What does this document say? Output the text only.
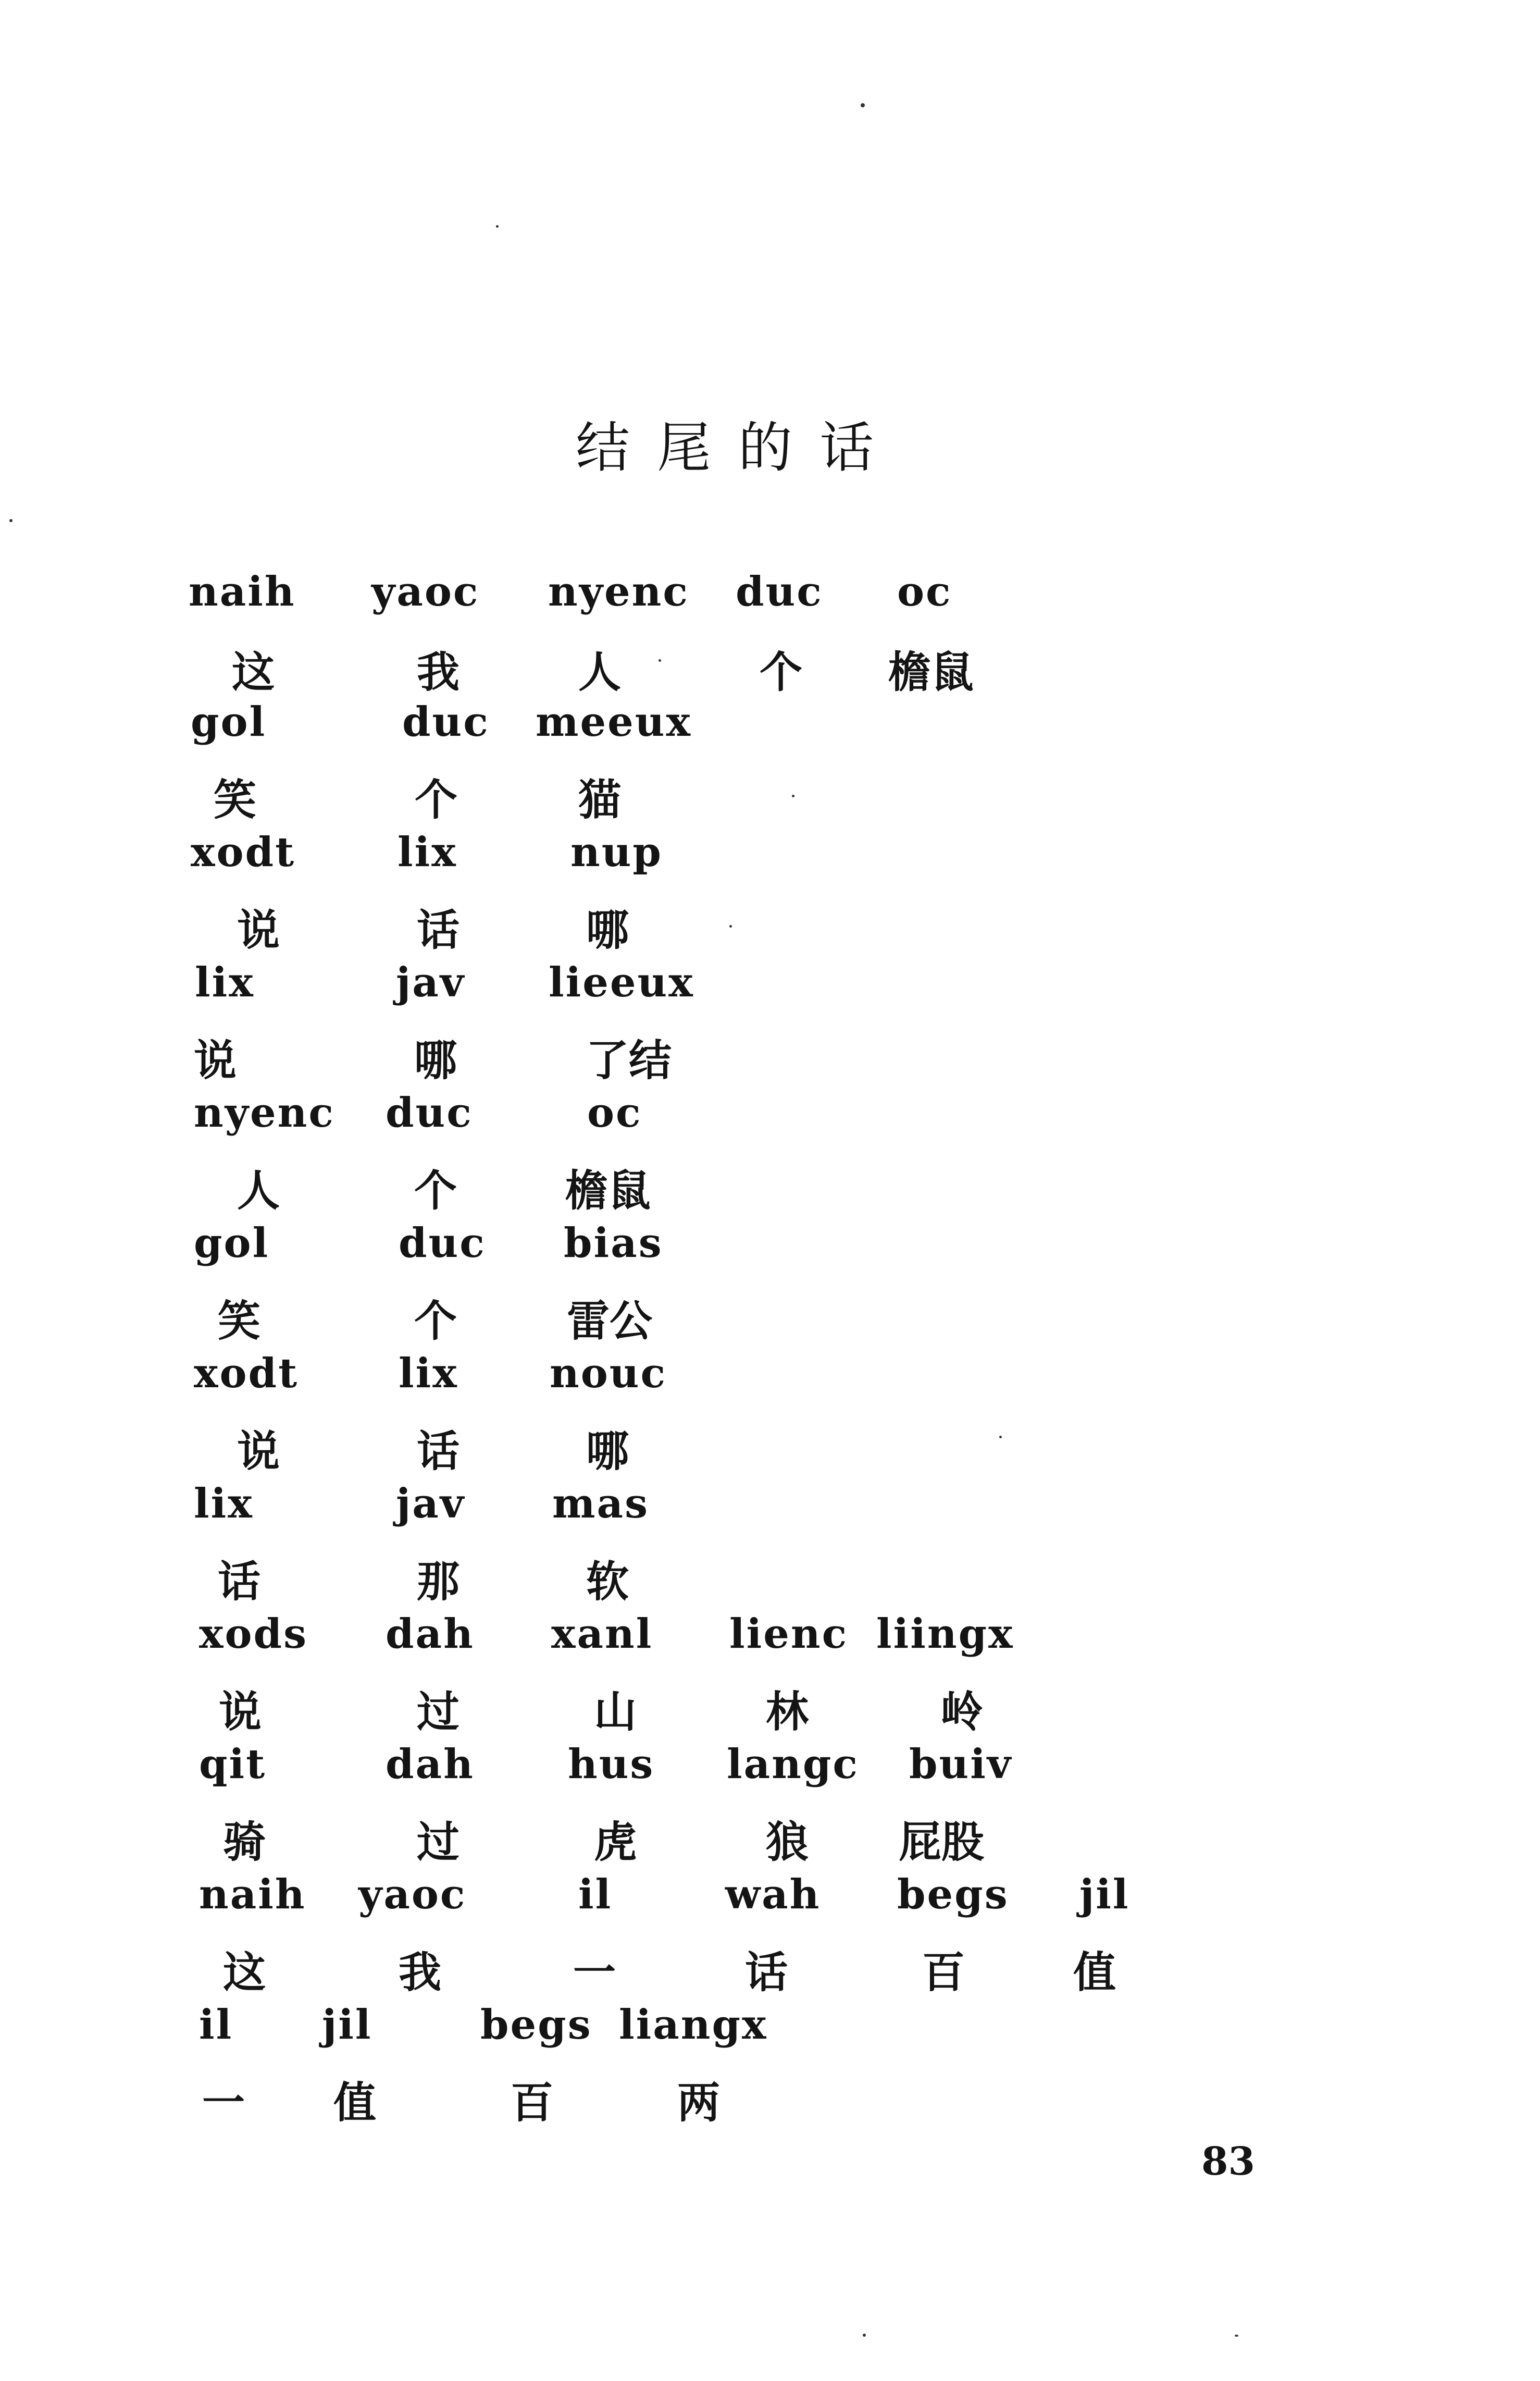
结尾的话
naih yaoc nyenc duc oc
这	我	人	个 檐鼠
gol	duc meeux
笑	个	猫
xodt	lix	nup
说	话	哪
lix	jav lieeux
说	哪	了结
nyenc duc	oc
人	个	檐鼠
gol	duc bias
笑	个	雷公
xodt lix nouc
说	话	哪
lix	jav mas
话	那	软
xods dah xanl lienc liingx
说	过	山	林	岭
qit	dah hus langc buiv
骑	过	虎	狼 屁股
naih yaoc	il	wah begs jil
这	我	一	话	百	值
il jil	begs liangx
一 值	百	两
83
